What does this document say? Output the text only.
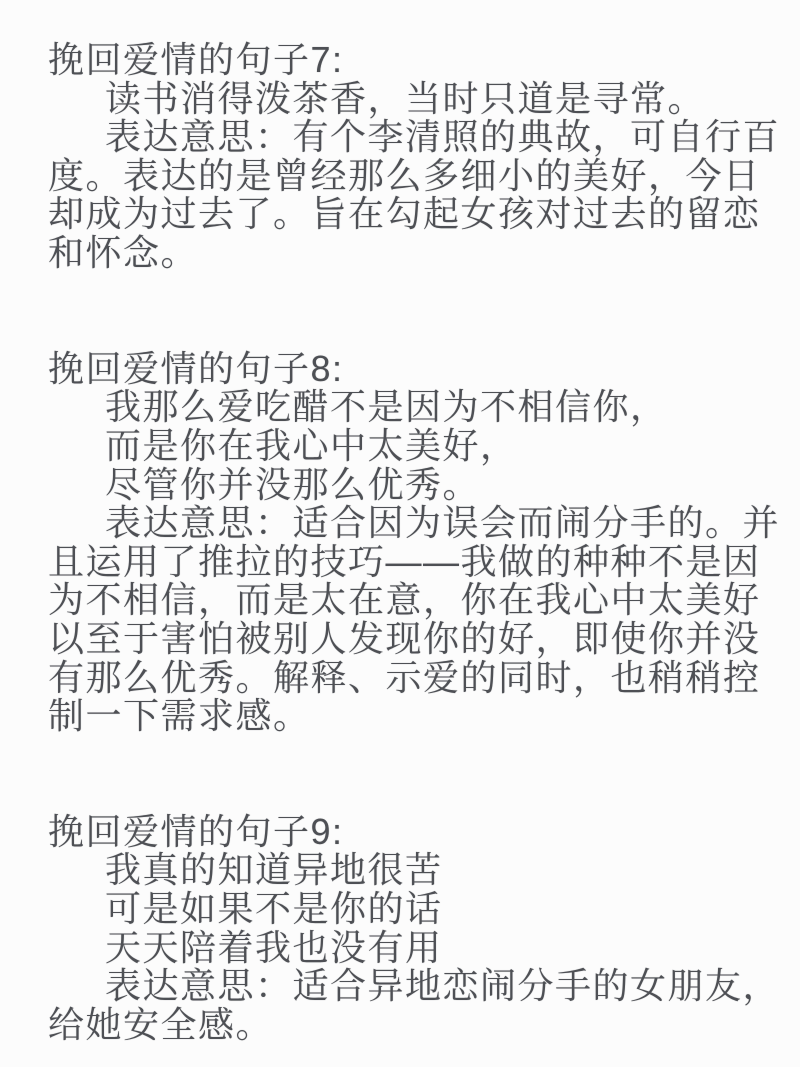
挽回爱情的句子7:
读书消得泼茶香，当时只道是寻常。
表达意思：有个李清照的典故，可自行百
度。表达的是曾经那么多细小的美好，今日
却成为过去了。旨在勾起女孩对过去的留恋
和怀念。
挽回爱情的句子8:
我那么爱吃醋不是因为不相信你，
而是你在我心中太美好，
尽管你并没那么优秀。
表达意思：适合因为误会而闹分手的。并
且运用了推拉的技巧——我做的种种不是因
为不相信，而是太在意，你在我心中太美好
以至于害怕被别人发现你的好，即使你并没
有那么优秀。解释、示爱的同时，也稍稍控
制一下需求感。
挽回爱情的句子9:
我真的知道异地很苦
可是如果不是你的话
天天陪着我也没有用
表达意思：适合异地恋闹分手的女朋友，
给她安全感。
